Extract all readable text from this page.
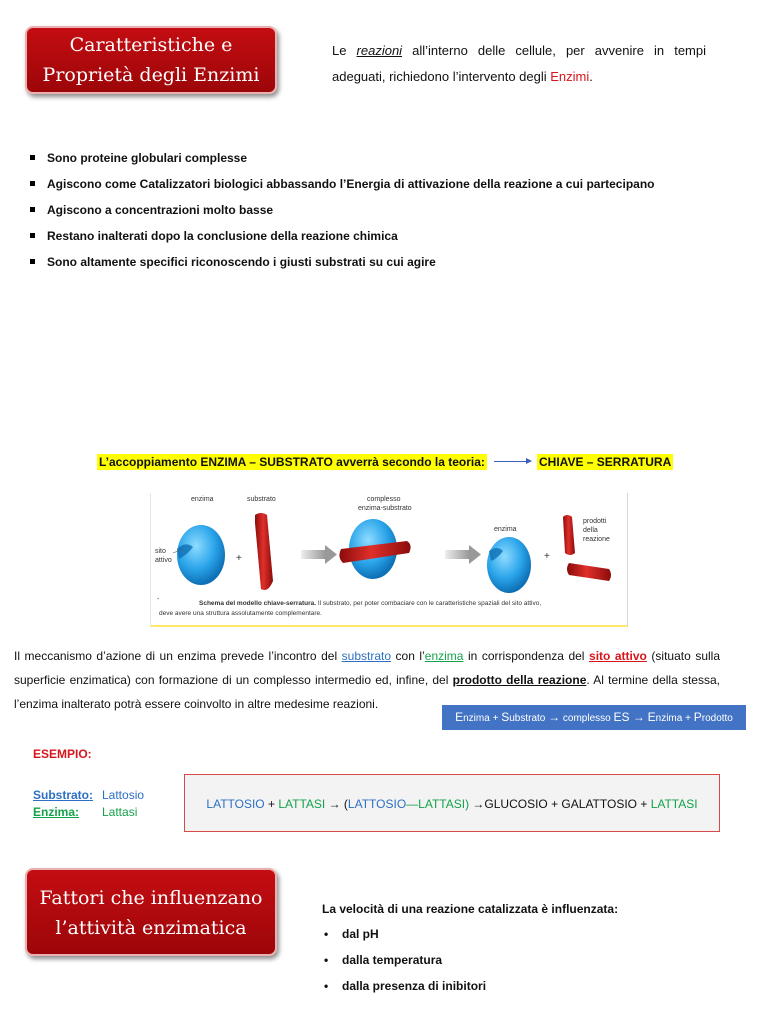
Caratteristiche e
Proprietà degli Enzimi
Le reazioni all’interno delle cellule, per avvenire in tempi adeguati, richiedono l’intervento degli Enzimi.
Sono proteine globulari complesse
Agiscono come Catalizzatori biologici abbassando l’Energia di attivazione della reazione a cui partecipano
Agiscono a concentrazioni molto basse
Restano inalterati dopo la conclusione della reazione chimica
Sono altamente specifici riconoscendo i giusti substrati su cui agire
L’accoppiamento ENZIMA – SUBSTRATO avverrà secondo la teoria:	CHIAVE – SERRATURA
enzima	substrato	complesso
enzima-substrato
sito
attivo
enzima
prodotti
della
reazione
+	+
-
Schema del modello chiave-serratura. Il substrato, per poter combaciare con le caratteristiche spaziali del sito attivo,
deve avere una struttura assolutamente complementare.
Il meccanismo d’azione di un enzima prevede l’incontro del substrato con l’enzima in corrispondenza del sito attivo (situato sulla superficie enzimatica) con formazione di un complesso intermedio ed, infine, del prodotto della reazione. Al termine della stessa, l’enzima inalterato potrà essere coinvolto in altre medesime reazioni.
Enzima + Substrato → complesso ES → Enzima + Prodotto
ESEMPIO:
Substrato: Lattosio
Enzima: Lattasi
LATTOSIO + LATTASI → (LATTOSIO—LATTASI) →GLUCOSIO + GALATTOSIO + LATTASI
Fattori che influenzano
l’attività enzimatica
La velocità di una reazione catalizzata è influenzata:
• dal pH
• dalla temperatura
• dalla presenza di inibitori
